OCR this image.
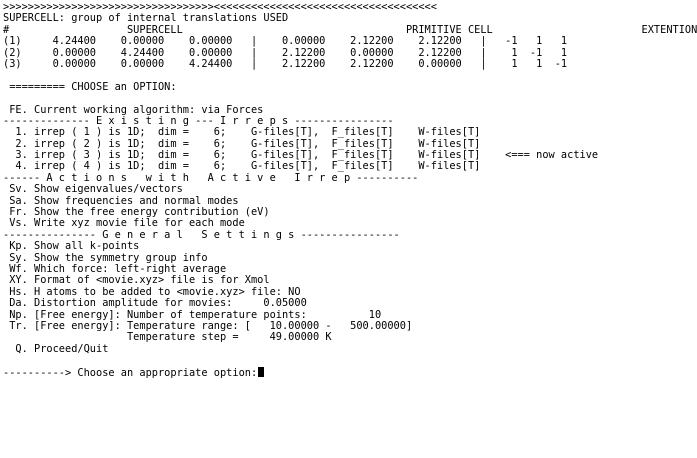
>>>>>>>>>>>>>>>>>>>>>>>>>>>>>>>>>><<<<<<<<<<<<<<<<<<<<<<<<<<<<<<<<<<<<
SUPERCELL: group of internal translations USED
#                   SUPERCELL                                    PRIMITIVE CELL                        EXTENTION
(1)     4.24400    0.00000    0.00000   |    0.00000    2.12200    2.12200   |   -1   1   1
(2)     0.00000    4.24400    0.00000   |    2.12200    0.00000    2.12200   |    1  -1   1
(3)     0.00000    0.00000    4.24400   |    2.12200    2.12200    0.00000   |    1   1  -1
========= CHOOSE an OPTION:
FE. Current working algorithm: via Forces
-------------- E x i s t i n g --- I r r e p s ----------------
1. irrep ( 1 ) is 1D;  dim =    6;    G-files[T],  F_files[T]    W-files[T]
2. irrep ( 2 ) is 1D;  dim =    6;    G-files[T],  F_files[T]    W-files[T]
3. irrep ( 3 ) is 1D;  dim =    6;    G-files[T],  F_files[T]    W-files[T]    <=== now active
4. irrep ( 4 ) is 1D;  dim =    6;    G-files[T],  F_files[T]    W-files[T]
------ A c t i o n s   w i t h   A c t i v e   I r r e p ----------
Sv. Show eigenvalues/vectors
Sa. Show frequencies and normal modes
Fr. Show the free energy contribution (eV)
Vs. Write xyz movie file for each mode
--------------- G e n e r a l   S e t t i n g s ----------------
Kp. Show all k-points
Sy. Show the symmetry group info
Wf. Which force: left-right average
XY. Format of <movie.xyz> file is for Xmol
Hs. H atoms to be added to <movie.xyz> file: NO
Da. Distortion amplitude for movies:     0.05000
Np. [Free energy]: Number of temperature points:          10
Tr. [Free energy]: Temperature range: [   10.00000 -   500.00000]
Temperature step =     49.00000 K
Q. Proceed/Quit
----------> Choose an appropriate option:
